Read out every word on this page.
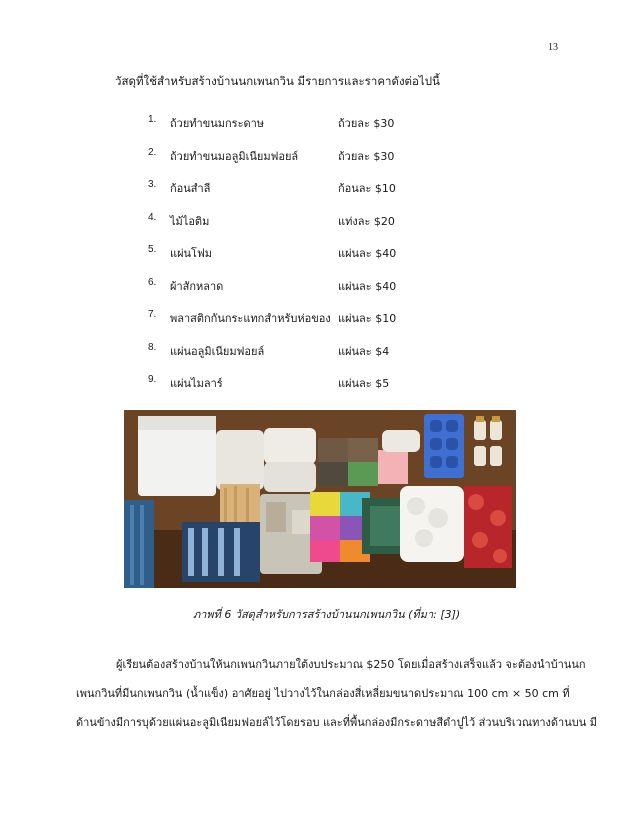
13
วัสดุที่ใช้สำหรับสร้างบ้านนกเพนกวิน มีรายการและราคาดังต่อไปนี้
1. ถ้วยทำขนมกระดาษ	ถ้วยละ $30
2. ถ้วยทำขนมอลูมิเนียมฟอยล์	ถ้วยละ $30
3. ก้อนสำลี	ก้อนละ $10
4. ไม้ไอติม	แท่งละ $20
5. แผ่นโฟม	แผ่นละ $40
6. ผ้าสักหลาด	แผ่นละ $40
7. พลาสติกกันกระแทกสำหรับห่อของ แผ่นละ $10
8. แผ่นอลูมิเนียมฟอยล์	แผ่นละ $4
9. แผ่นไมลาร์	แผ่นละ $5
ภาพที่ 6 วัสดุสำหรับการสร้างบ้านนกเพนกวิน (ที่มา: [3])
ผู้เรียนต้องสร้างบ้านให้นกเพนกวินภายใต้งบประมาณ $250 โดยเมื่อสร้างเสร็จแล้ว จะต้องนำบ้านนก
เพนกวินที่มีนกเพนกวิน (น้ำแข็ง) อาศัยอยู่ ไปวางไว้ในกล่องสี่เหลี่ยมขนาดประมาณ 100 cm × 50 cm ที่
ด้านข้างมีการบุด้วยแผ่นอะลูมิเนียมฟอยล์ไว้โดยรอบ และที่พื้นกล่องมีกระดาษสีดำปูไว้ ส่วนบริเวณทางด้านบน มี
